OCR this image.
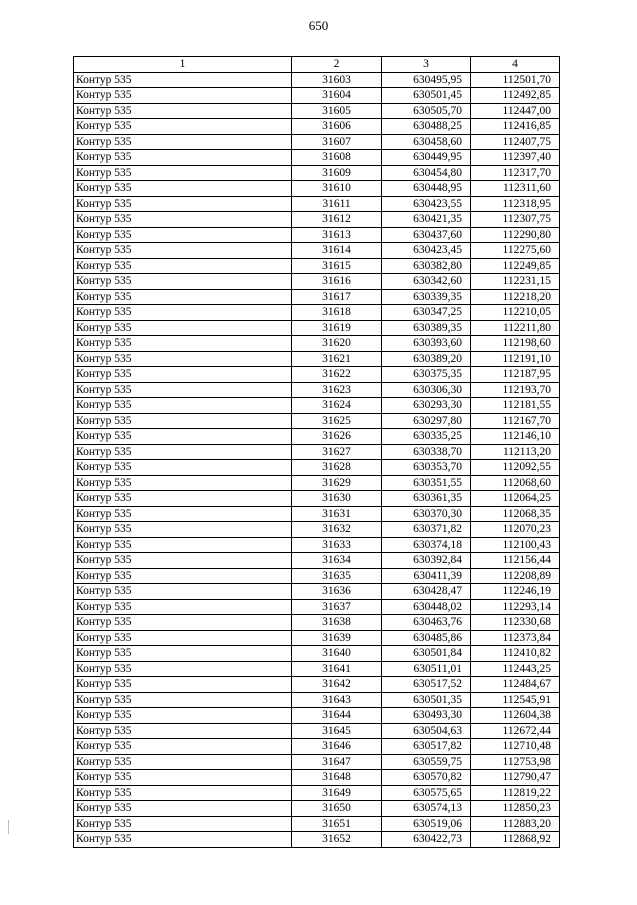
650
1	2	3	4
Контур 535	31603	630495,95	112501,70
Контур 535	31604	630501,45	112492,85
Контур 535	31605	630505,70	112447,00
Контур 535	31606	630488,25	112416,85
Контур 535	31607	630458,60	112407,75
Контур 535	31608	630449,95	112397,40
Контур 535	31609	630454,80	112317,70
Контур 535	31610	630448,95	112311,60
Контур 535	31611	630423,55	112318,95
Контур 535	31612	630421,35	112307,75
Контур 535	31613	630437,60	112290,80
Контур 535	31614	630423,45	112275,60
Контур 535	31615	630382,80	112249,85
Контур 535	31616	630342,60	112231,15
Контур 535	31617	630339,35	112218,20
Контур 535	31618	630347,25	112210,05
Контур 535	31619	630389,35	112211,80
Контур 535	31620	630393,60	112198,60
Контур 535	31621	630389,20	112191,10
Контур 535	31622	630375,35	112187,95
Контур 535	31623	630306,30	112193,70
Контур 535	31624	630293,30	112181,55
Контур 535	31625	630297,80	112167,70
Контур 535	31626	630335,25	112146,10
Контур 535	31627	630338,70	112113,20
Контур 535	31628	630353,70	112092,55
Контур 535	31629	630351,55	112068,60
Контур 535	31630	630361,35	112064,25
Контур 535	31631	630370,30	112068,35
Контур 535	31632	630371,82	112070,23
Контур 535	31633	630374,18	112100,43
Контур 535	31634	630392,84	112156,44
Контур 535	31635	630411,39	112208,89
Контур 535	31636	630428,47	112246,19
Контур 535	31637	630448,02	112293,14
Контур 535	31638	630463,76	112330,68
Контур 535	31639	630485,86	112373,84
Контур 535	31640	630501,84	112410,82
Контур 535	31641	630511,01	112443,25
Контур 535	31642	630517,52	112484,67
Контур 535	31643	630501,35	112545,91
Контур 535	31644	630493,30	112604,38
Контур 535	31645	630504,63	112672,44
Контур 535	31646	630517,82	112710,48
Контур 535	31647	630559,75	112753,98
Контур 535	31648	630570,82	112790,47
Контур 535	31649	630575,65	112819,22
Контур 535	31650	630574,13	112850,23
Контур 535	31651	630519,06	112883,20
Контур 535	31652	630422,73	112868,92
